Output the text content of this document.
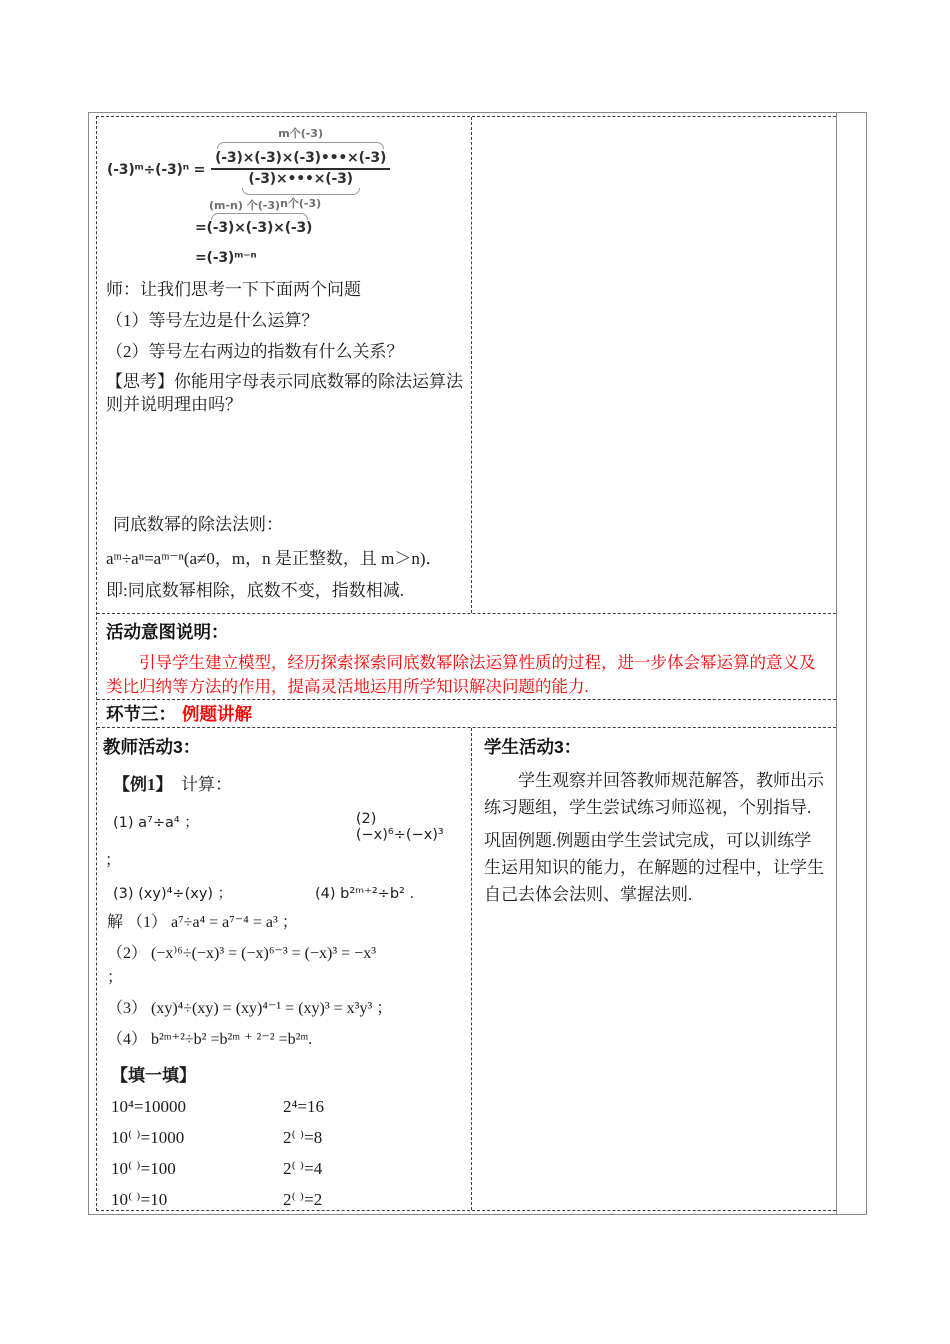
(-3)ᵐ÷(-3)ⁿ =
m个(-3)
(-3)×(-3)×(-3)•••×(-3)
(-3)×•••×(-3)
n个(-3)
(m-n) 个(-3)
= (-3)×(-3)×(-3)
=(-3)ᵐ⁻ⁿ
师：让我们思考一下下面两个问题
（1）等号左边是什么运算？
（2）等号左右两边的指数有什么关系？
【思考】你能用字母表示同底数幂的除法运算法则并说明理由吗？
同底数幂的除法法则：
aᵐ÷aⁿ=aᵐ⁻ⁿ(a≠0，m，n 是正整数，且 m＞n)．
即:同底数幂相除，底数不变，指数相减.
活动意图说明：
引导学生建立模型，经历探索探索同底数幂除法运算性质的过程，进一步体会幂运算的意义及类比归纳等方法的作用，提高灵活地运用所学知识解决问题的能力.
环节三： 例题讲解
教师活动3：
【例1】　计算：
(1) a⁷÷a⁴ ；	(2) (−x)⁶÷(−x)³
；
(3) (xy)⁴÷(xy) ；	(4) b²ᵐ⁺²÷b² ．
解 （1） a⁷÷a⁴ = a⁷⁻⁴ = a³ ；
（2） (−x⁾⁶÷(−x)³ = (−x)⁶⁻³ = (−x)³ = −x³
；
（3） (xy)⁴÷(xy) = (xy)⁴⁻¹ = (xy)³ = x³y³ ；
（4） b²ᵐ⁺²÷b² =b²ᵐ ⁺ ²⁻² =b²ᵐ.
【填一填】
10⁴=10000	2⁴=16
10⁽ ⁾=1000	2⁽ ⁾=8
10⁽ ⁾=100	2⁽ ⁾=4
10⁽ ⁾=10	2⁽ ⁾=2
学生活动3：
学生观察并回答教师规范解答，教师出示练习题组，学生尝试练习师巡视，个别指导.
巩固例题.例题由学生尝试完成，可以训练学生运用知识的能力，在解题的过程中，让学生自己去体会法则、掌握法则.
